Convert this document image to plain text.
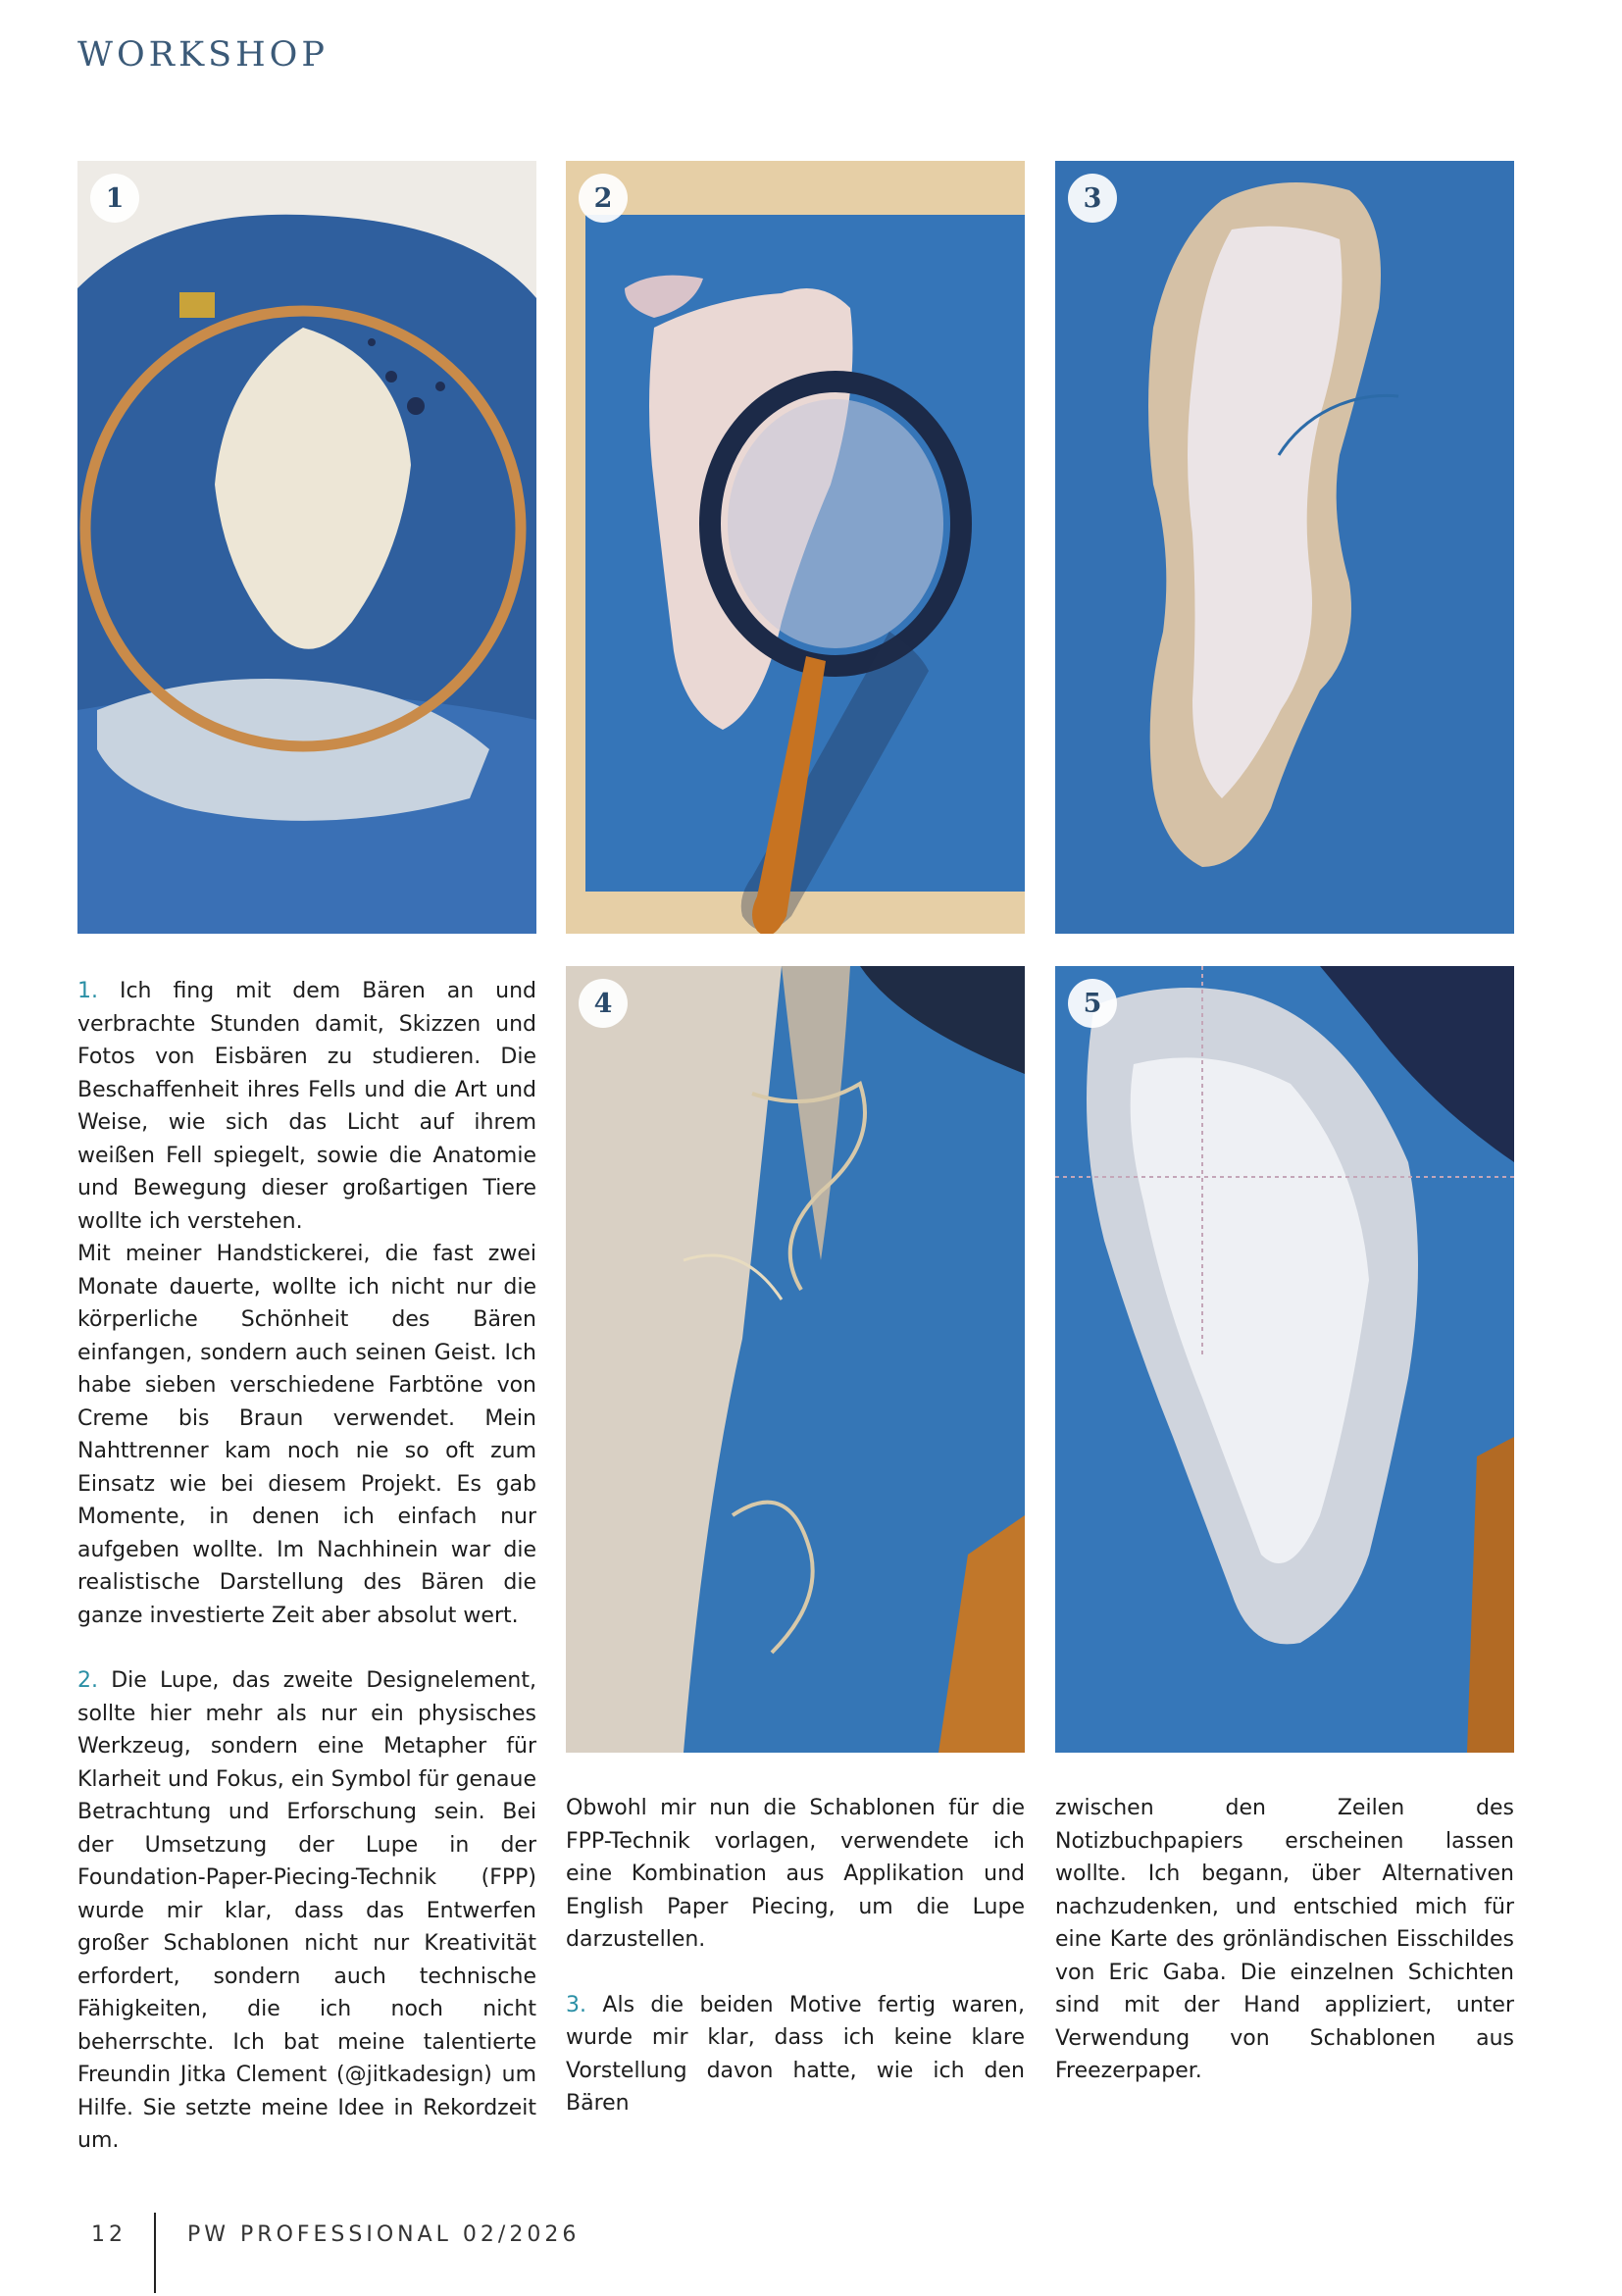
WORKSHOP
1	2	3
4	5

1. Ich fing mit dem Bären an und verbrachte Stunden damit, Skizzen und Fotos von Eisbären zu studieren. Die Beschaffenheit ihres Fells und die Art und Weise, wie sich das Licht auf ihrem weißen Fell spiegelt, sowie die Anatomie und Bewegung dieser großartigen Tiere wollte ich verstehen.

Mit meiner Handstickerei, die fast zwei Monate dauerte, wollte ich nicht nur die körperliche Schönheit des Bären einfangen, sondern auch seinen Geist. Ich habe sieben verschiedene Farbtöne von Creme bis Braun verwendet. Mein Nahttrenner kam noch nie so oft zum Einsatz wie bei diesem Projekt. Es gab Momente, in denen ich einfach nur aufgeben wollte. Im Nachhinein war die realistische Darstellung des Bären die ganze investierte Zeit aber absolut wert.

2. Die Lupe, das zweite Designelement, sollte hier mehr als nur ein physisches Werkzeug, sondern eine Metapher für Klarheit und Fokus, ein Symbol für genaue Betrachtung und Erforschung sein. Bei der Umsetzung der Lupe in der Foundation-Paper-Piecing-Technik (FPP) wurde mir klar, dass das Entwerfen großer Schablonen nicht nur Kreativität erfordert, sondern auch technische Fähigkeiten, die ich noch nicht beherrschte. Ich bat meine talentierte Freundin Jitka Clement (@jitkadesign) um Hilfe. Sie setzte meine Idee in Rekordzeit um.

Obwohl mir nun die Schablonen für die FPP-Technik vorlagen, verwendete ich eine Kombination aus Applikation und English Paper Piecing, um die Lupe darzustellen.

3. Als die beiden Motive fertig waren, wurde mir klar, dass ich keine klare Vorstellung davon hatte, wie ich den Bären

zwischen den Zeilen des Notizbuchpapiers erscheinen lassen wollte. Ich begann, über Alternativen nachzudenken, und entschied mich für eine Karte des grönländischen Eisschildes von Eric Gaba. Die einzelnen Schichten sind mit der Hand appliziert, unter Verwendung von Schablonen aus Freezerpaper.

12	PW PROFESSIONAL 02/2026
